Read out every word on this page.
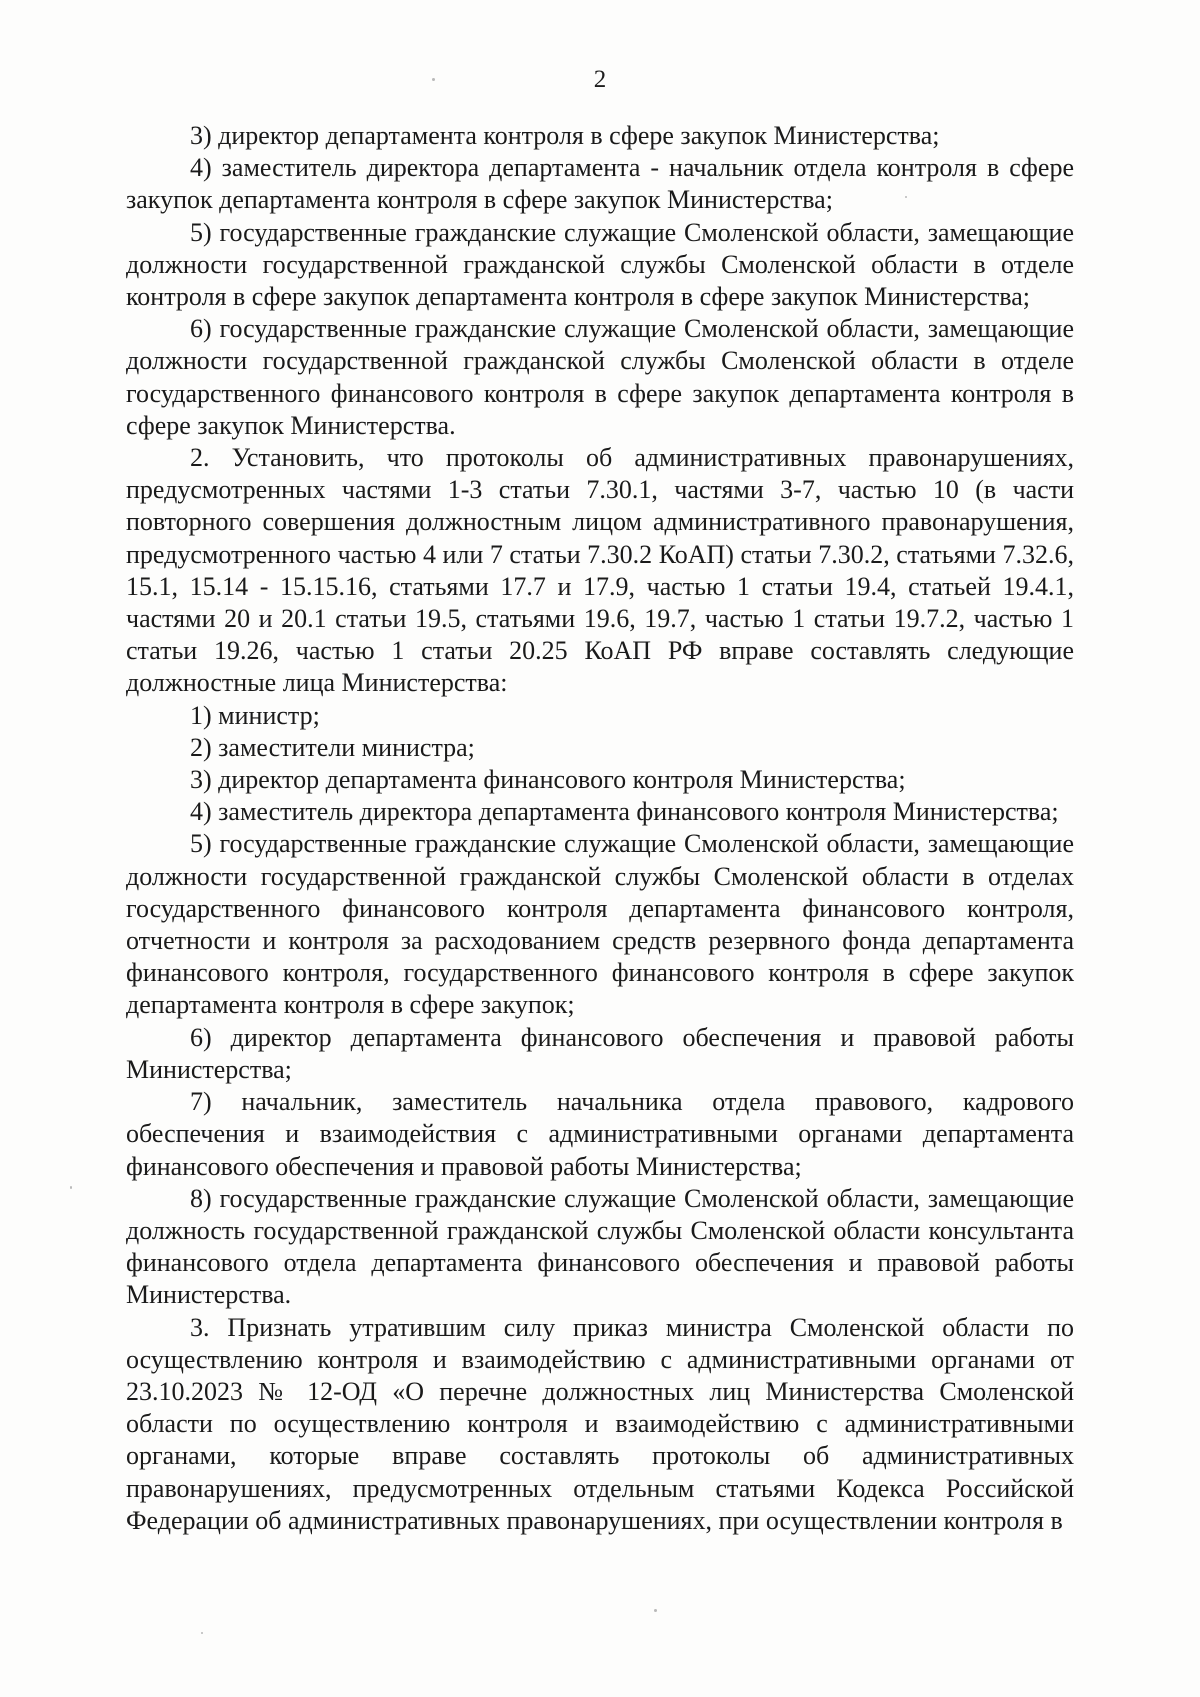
2

3) директор департамента контроля в сфере закупок Министерства;

4) заместитель директора департамента - начальник отдела контроля в сфере закупок департамента контроля в сфере закупок Министерства;

5) государственные гражданские служащие Смоленской области, замещающие должности государственной гражданской службы Смоленской области в отделе контроля в сфере закупок департамента контроля в сфере закупок Министерства;

6) государственные гражданские служащие Смоленской области, замещающие должности государственной гражданской службы Смоленской области в отделе государственного финансового контроля в сфере закупок департамента контроля в сфере закупок Министерства.

2. Установить, что протоколы об административных правонарушениях, предусмотренных частями 1-3 статьи 7.30.1, частями 3-7, частью 10 (в части повторного совершения должностным лицом административного правонарушения, предусмотренного частью 4 или 7 статьи 7.30.2 КоАП) статьи 7.30.2, статьями 7.32.6, 15.1, 15.14 - 15.15.16, статьями 17.7 и 17.9, частью 1 статьи 19.4, статьей 19.4.1, частями 20 и 20.1 статьи 19.5, статьями 19.6, 19.7, частью 1 статьи 19.7.2, частью 1 статьи 19.26, частью 1 статьи 20.25 КоАП РФ вправе составлять следующие должностные лица Министерства:

1) министр;

2) заместители министра;

3) директор департамента финансового контроля Министерства;

4) заместитель директора департамента финансового контроля Министерства;

5) государственные гражданские служащие Смоленской области, замещающие должности государственной гражданской службы Смоленской области в отделах государственного финансового контроля департамента финансового контроля, отчетности и контроля за расходованием средств резервного фонда департамента финансового контроля, государственного финансового контроля в сфере закупок департамента контроля в сфере закупок;

6) директор департамента финансового обеспечения и правовой работы Министерства;

7) начальник, заместитель начальника отдела правового, кадрового обеспечения и взаимодействия с административными органами департамента финансового обеспечения и правовой работы Министерства;

8) государственные гражданские служащие Смоленской области, замещающие должность государственной гражданской службы Смоленской области консультанта финансового отдела департамента финансового обеспечения и правовой работы Министерства.

3. Признать утратившим силу приказ министра Смоленской области по осуществлению контроля и взаимодействию с административными органами от 23.10.2023 № 12-ОД «О перечне должностных лиц Министерства Смоленской области по осуществлению контроля и взаимодействию с административными органами, которые вправе составлять протоколы об административных правонарушениях, предусмотренных отдельным статьями Кодекса Российской Федерации об административных правонарушениях, при осуществлении контроля в
